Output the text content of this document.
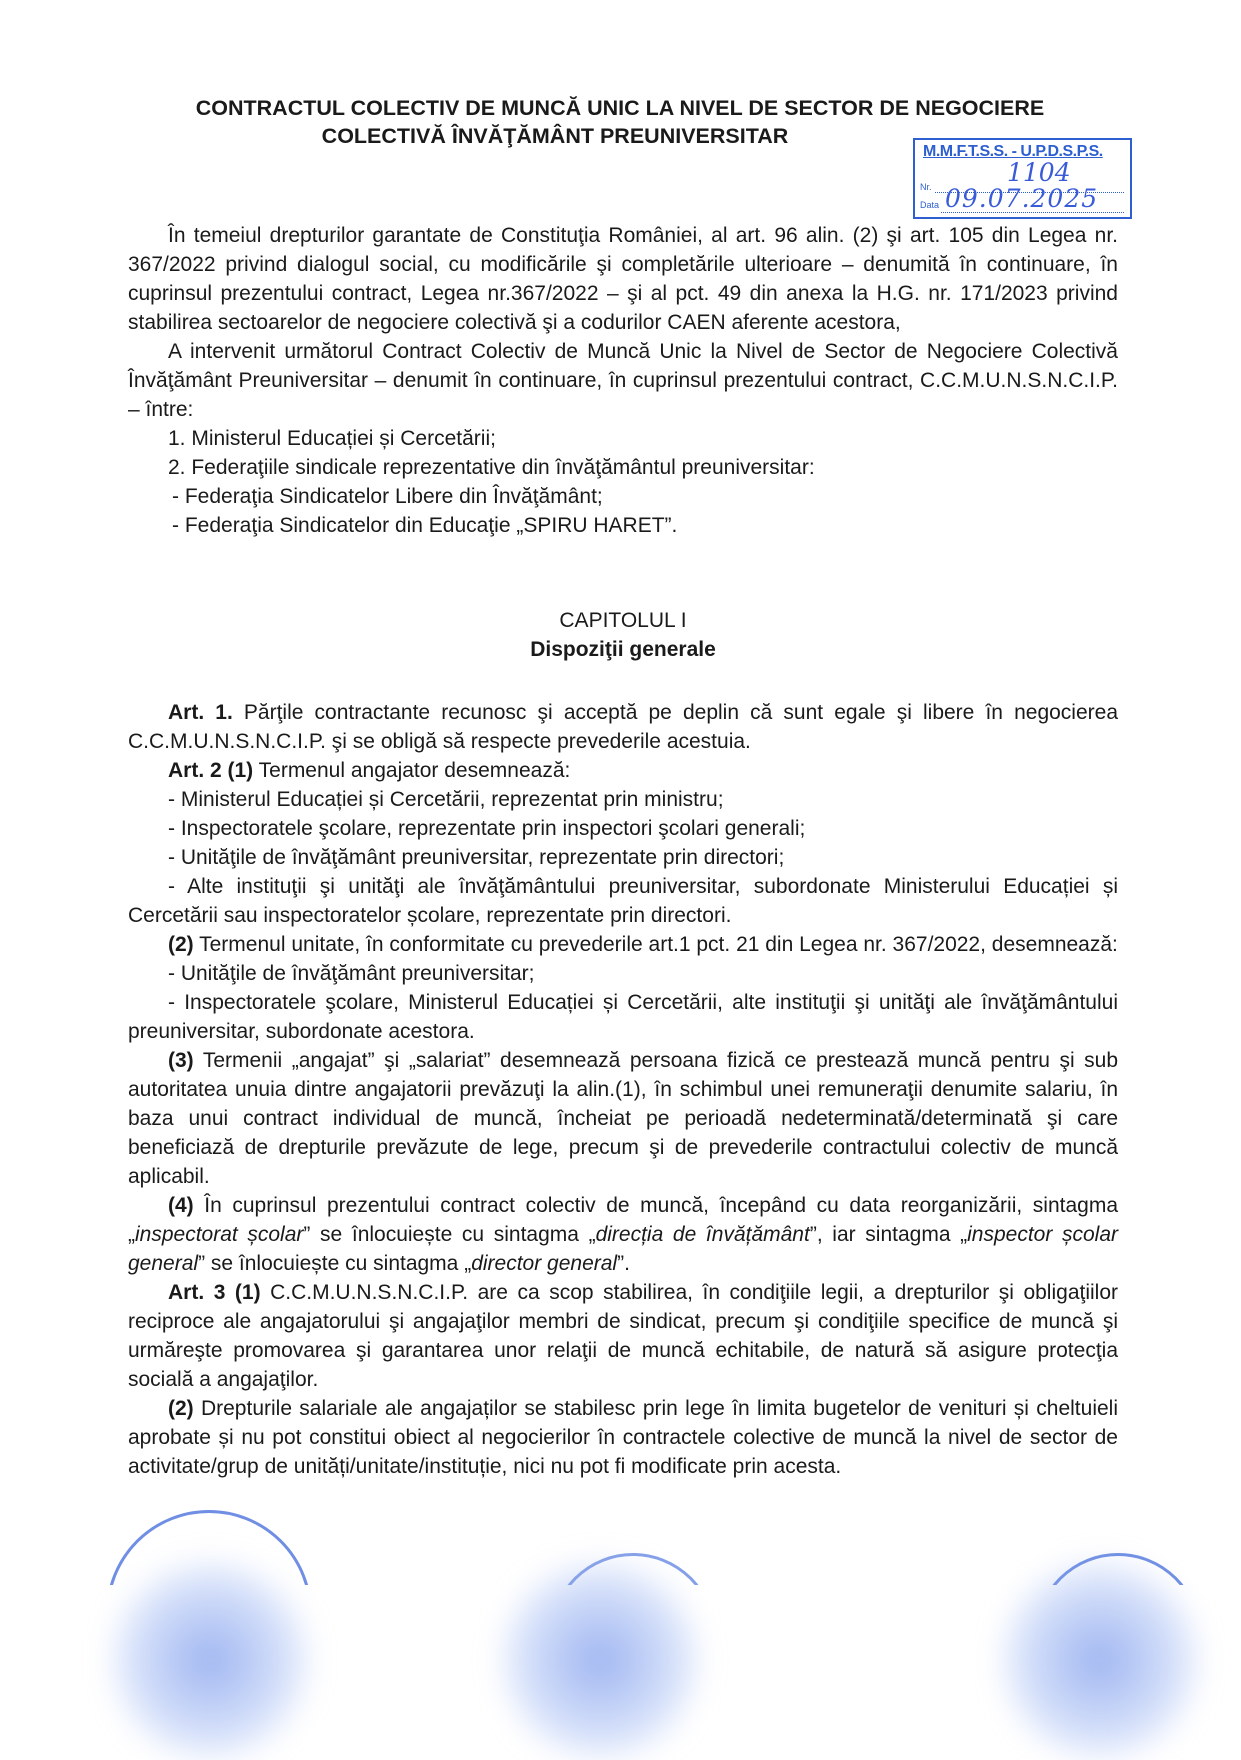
CONTRACTUL COLECTIV DE MUNCĂ UNIC LA NIVEL DE SECTOR DE NEGOCIERE
COLECTIVĂ ÎNVĂŢĂMÂNT PREUNIVERSITAR
M.M.F.T.S.S. - U.P.D.S.P.S.
Nr.	1104
Data 09.07.2025

În temeiul drepturilor garantate de Constituţia României, al art. 96 alin. (2) şi art. 105 din Legea nr. 367/2022 privind dialogul social, cu modificările şi completările ulterioare – denumită în continuare, în cuprinsul prezentului contract, Legea nr.367/2022 – şi al pct. 49 din anexa la H.G. nr. 171/2023 privind stabilirea sectoarelor de negociere colectivă şi a codurilor CAEN aferente acestora,

A intervenit următorul Contract Colectiv de Muncă Unic la Nivel de Sector de Negociere Colectivă Învăţământ Preuniversitar – denumit în continuare, în cuprinsul prezentului contract, C.C.M.U.N.S.N.C.I.P. – între:

1. Ministerul Educației și Cercetării;

2. Federaţiile sindicale reprezentative din învăţământul preuniversitar:

- Federaţia Sindicatelor Libere din Învăţământ;

- Federaţia Sindicatelor din Educaţie „SPIRU HARET”.

CAPITOLUL I

Dispoziţii generale

Art. 1. Părţile contractante recunosc şi acceptă pe deplin că sunt egale şi libere în negocierea C.C.M.U.N.S.N.C.I.P. şi se obligă să respecte prevederile acestuia.

Art. 2 (1) Termenul angajator desemnează:

- Ministerul Educației și Cercetării, reprezentat prin ministru;

- Inspectoratele şcolare, reprezentate prin inspectori şcolari generali;

- Unităţile de învăţământ preuniversitar, reprezentate prin directori;

- Alte instituţii şi unităţi ale învăţământului preuniversitar, subordonate Ministerului Educației și Cercetării sau inspectoratelor școlare, reprezentate prin directori.

(2) Termenul unitate, în conformitate cu prevederile art.1 pct. 21 din Legea nr. 367/2022, desemnează:

- Unităţile de învăţământ preuniversitar;

- Inspectoratele şcolare, Ministerul Educației și Cercetării, alte instituţii şi unităţi ale învăţământului preuniversitar, subordonate acestora.

(3) Termenii „angajat” şi „salariat” desemnează persoana fizică ce prestează muncă pentru şi sub autoritatea unuia dintre angajatorii prevăzuţi la alin.(1), în schimbul unei remuneraţii denumite salariu, în baza unui contract individual de muncă, încheiat pe perioadă nedeterminată/determinată şi care beneficiază de drepturile prevăzute de lege, precum şi de prevederile contractului colectiv de muncă aplicabil.

(4) În cuprinsul prezentului contract colectiv de muncă, începând cu data reorganizării, sintagma „inspectorat școlar” se înlocuiește cu sintagma „direcția de învățământ”, iar sintagma „inspector școlar general” se înlocuiește cu sintagma „director general”.

Art. 3 (1) C.C.M.U.N.S.N.C.I.P. are ca scop stabilirea, în condiţiile legii, a drepturilor şi obligaţiilor reciproce ale angajatorului şi angajaţilor membri de sindicat, precum şi condiţiile specifice de muncă şi urmăreşte promovarea şi garantarea unor relaţii de muncă echitabile, de natură să asigure protecţia socială a angajaţilor.

(2) Drepturile salariale ale angajaților se stabilesc prin lege în limita bugetelor de venituri și cheltuieli aprobate și nu pot constitui obiect al negocierilor în contractele colective de muncă la nivel de sector de activitate/grup de unități/unitate/instituție, nici nu pot fi modificate prin acesta.
